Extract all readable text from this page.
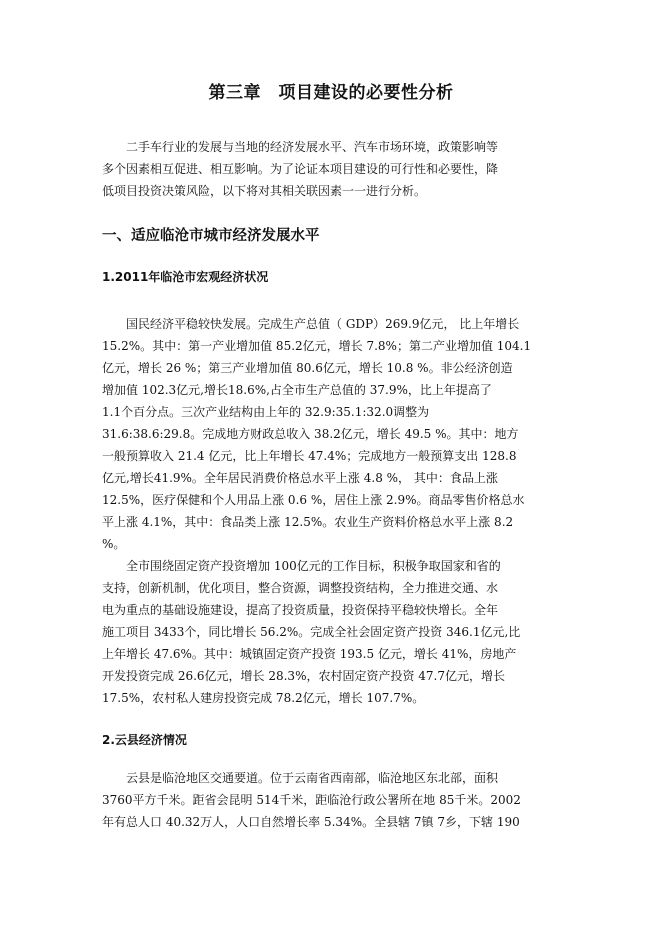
第三章　项目建设的必要性分析
二手车行业的发展与当地的经济发展水平、汽车市场环境，政策影响等
多个因素相互促进、相互影响。为了论证本项目建设的可行性和必要性，降
低项目投资决策风险，以下将对其相关联因素一一进行分析。
一、适应临沧市城市经济发展水平
1.2011年临沧市宏观经济状况
国民经济平稳较快发展。完成生产总值（ GDP）269.9亿元， 比上年增长
15.2%。其中：第一产业增加值 85.2亿元，增长 7.8%；第二产业增加值 104.1
亿元，增长 26 %；第三产业增加值 80.6亿元，增长 10.8 %。非公经济创造
增加值 102.3亿元,增长18.6%,占全市生产总值的 37.9%，比上年提高了
1.1个百分点。三次产业结构由上年的 32.9:35.1:32.0调整为
31.6:38.6:29.8。完成地方财政总收入 38.2亿元，增长 49.5 %。其中：地方
一般预算收入 21.4 亿元，比上年增长 47.4%；完成地方一般预算支出 128.8
亿元,增长41.9%。全年居民消费价格总水平上涨 4.8 %， 其中：食品上涨
12.5%，医疗保健和个人用品上涨 0.6 %，居住上涨 2.9%。商品零售价格总水
平上涨 4.1%，其中：食品类上涨 12.5%。农业生产资料价格总水平上涨 8.2
%。
全市围绕固定资产投资增加 100亿元的工作目标，积极争取国家和省的
支持，创新机制，优化项目，整合资源，调整投资结构，全力推进交通、水
电为重点的基础设施建设，提高了投资质量，投资保持平稳较快增长。全年
施工项目 3433个，同比增长 56.2%。完成全社会固定资产投资 346.1亿元,比
上年增长 47.6%。其中：城镇固定资产投资 193.5 亿元，增长 41%，房地产
开发投资完成 26.6亿元，增长 28.3%，农村固定资产投资 47.7亿元，增长
17.5%，农村私人建房投资完成 78.2亿元，增长 107.7%。
2.云县经济情况
云县是临沧地区交通要道。位于云南省西南部，临沧地区东北部，面积
3760平方千米。距省会昆明 514千米，距临沧行政公署所在地 85千米。2002
年有总人口 40.32万人，人口自然增长率 5.34%。全县辖 7镇 7乡，下辖 190
